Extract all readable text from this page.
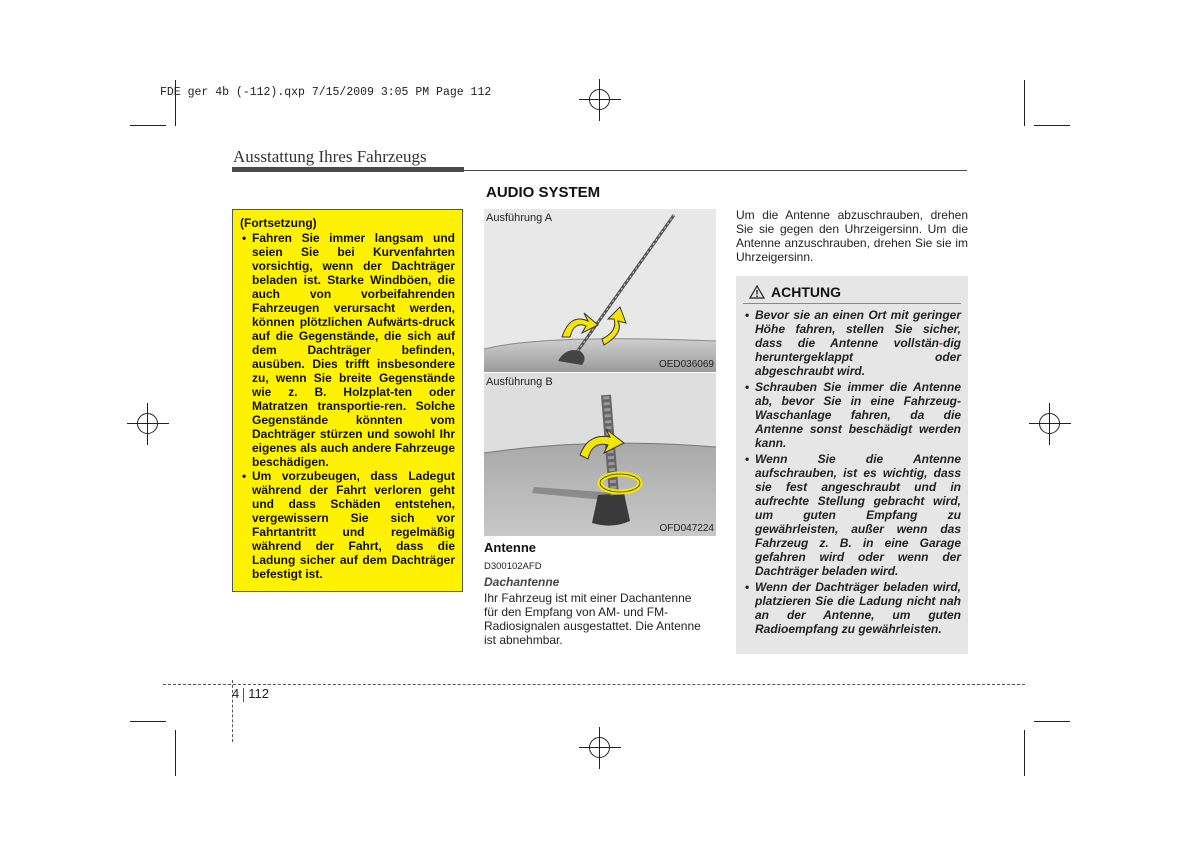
FDE ger 4b (-112).qxp 7/15/2009 3:05 PM Page 112
Ausstattung Ihres Fahrzeugs
AUDIO SYSTEM
(Fortsetzung)
• Fahren Sie immer langsam und seien Sie bei Kurvenfahrten vorsichtig, wenn der Dachträger beladen ist. Starke Windböen, die auch von vorbeifahrenden Fahrzeugen verursacht werden, können plötzlichen Aufwärts-druck auf die Gegenstände, die sich auf dem Dachträger befinden, ausüben. Dies trifft insbesondere zu, wenn Sie breite Gegenstände wie z. B. Holzplat-ten oder Matratzen transportie-ren. Solche Gegenstände könnten vom Dachträger stürzen und sowohl Ihr eigenes als auch andere Fahrzeuge beschädigen.
• Um vorzubeugen, dass Ladegut während der Fahrt verloren geht und dass Schäden entstehen, vergewissern Sie sich vor Fahrtantritt und regelmäßig während der Fahrt, dass die Ladung sicher auf dem Dachträger befestigt ist.
Ausführung A
OED036069
Ausführung B
OFD047224
Antenne
D300102AFD
Dachantenne
Ihr Fahrzeug ist mit einer Dachantenne
für den Empfang von AM- und FM-
Radiosignalen ausgestattet. Die Antenne
ist abnehmbar.
Um die Antenne abzuschrauben, drehen Sie sie gegen den Uhrzeigersinn. Um die Antenne anzuschrauben, drehen Sie sie im Uhrzeigersinn.
ACHTUNG
• Bevor sie an einen Ort mit geringer Höhe fahren, stellen Sie sicher, dass die Antenne vollstän-dig heruntergeklappt oder abgeschraubt wird.
• Schrauben Sie immer die Antenne ab, bevor Sie in eine Fahrzeug-Waschanlage fahren, da die Antenne sonst beschädigt werden kann.
• Wenn Sie die Antenne aufschrauben, ist es wichtig, dass sie fest angeschraubt und in aufrechte Stellung gebracht wird, um guten Empfang zu gewährleisten, außer wenn das Fahrzeug z. B. in eine Garage gefahren wird oder wenn der Dachträger beladen wird.
• Wenn der Dachträger beladen wird, platzieren Sie die Ladung nicht nah an der Antenne, um guten Radioempfang zu gewährleisten.
4 112
